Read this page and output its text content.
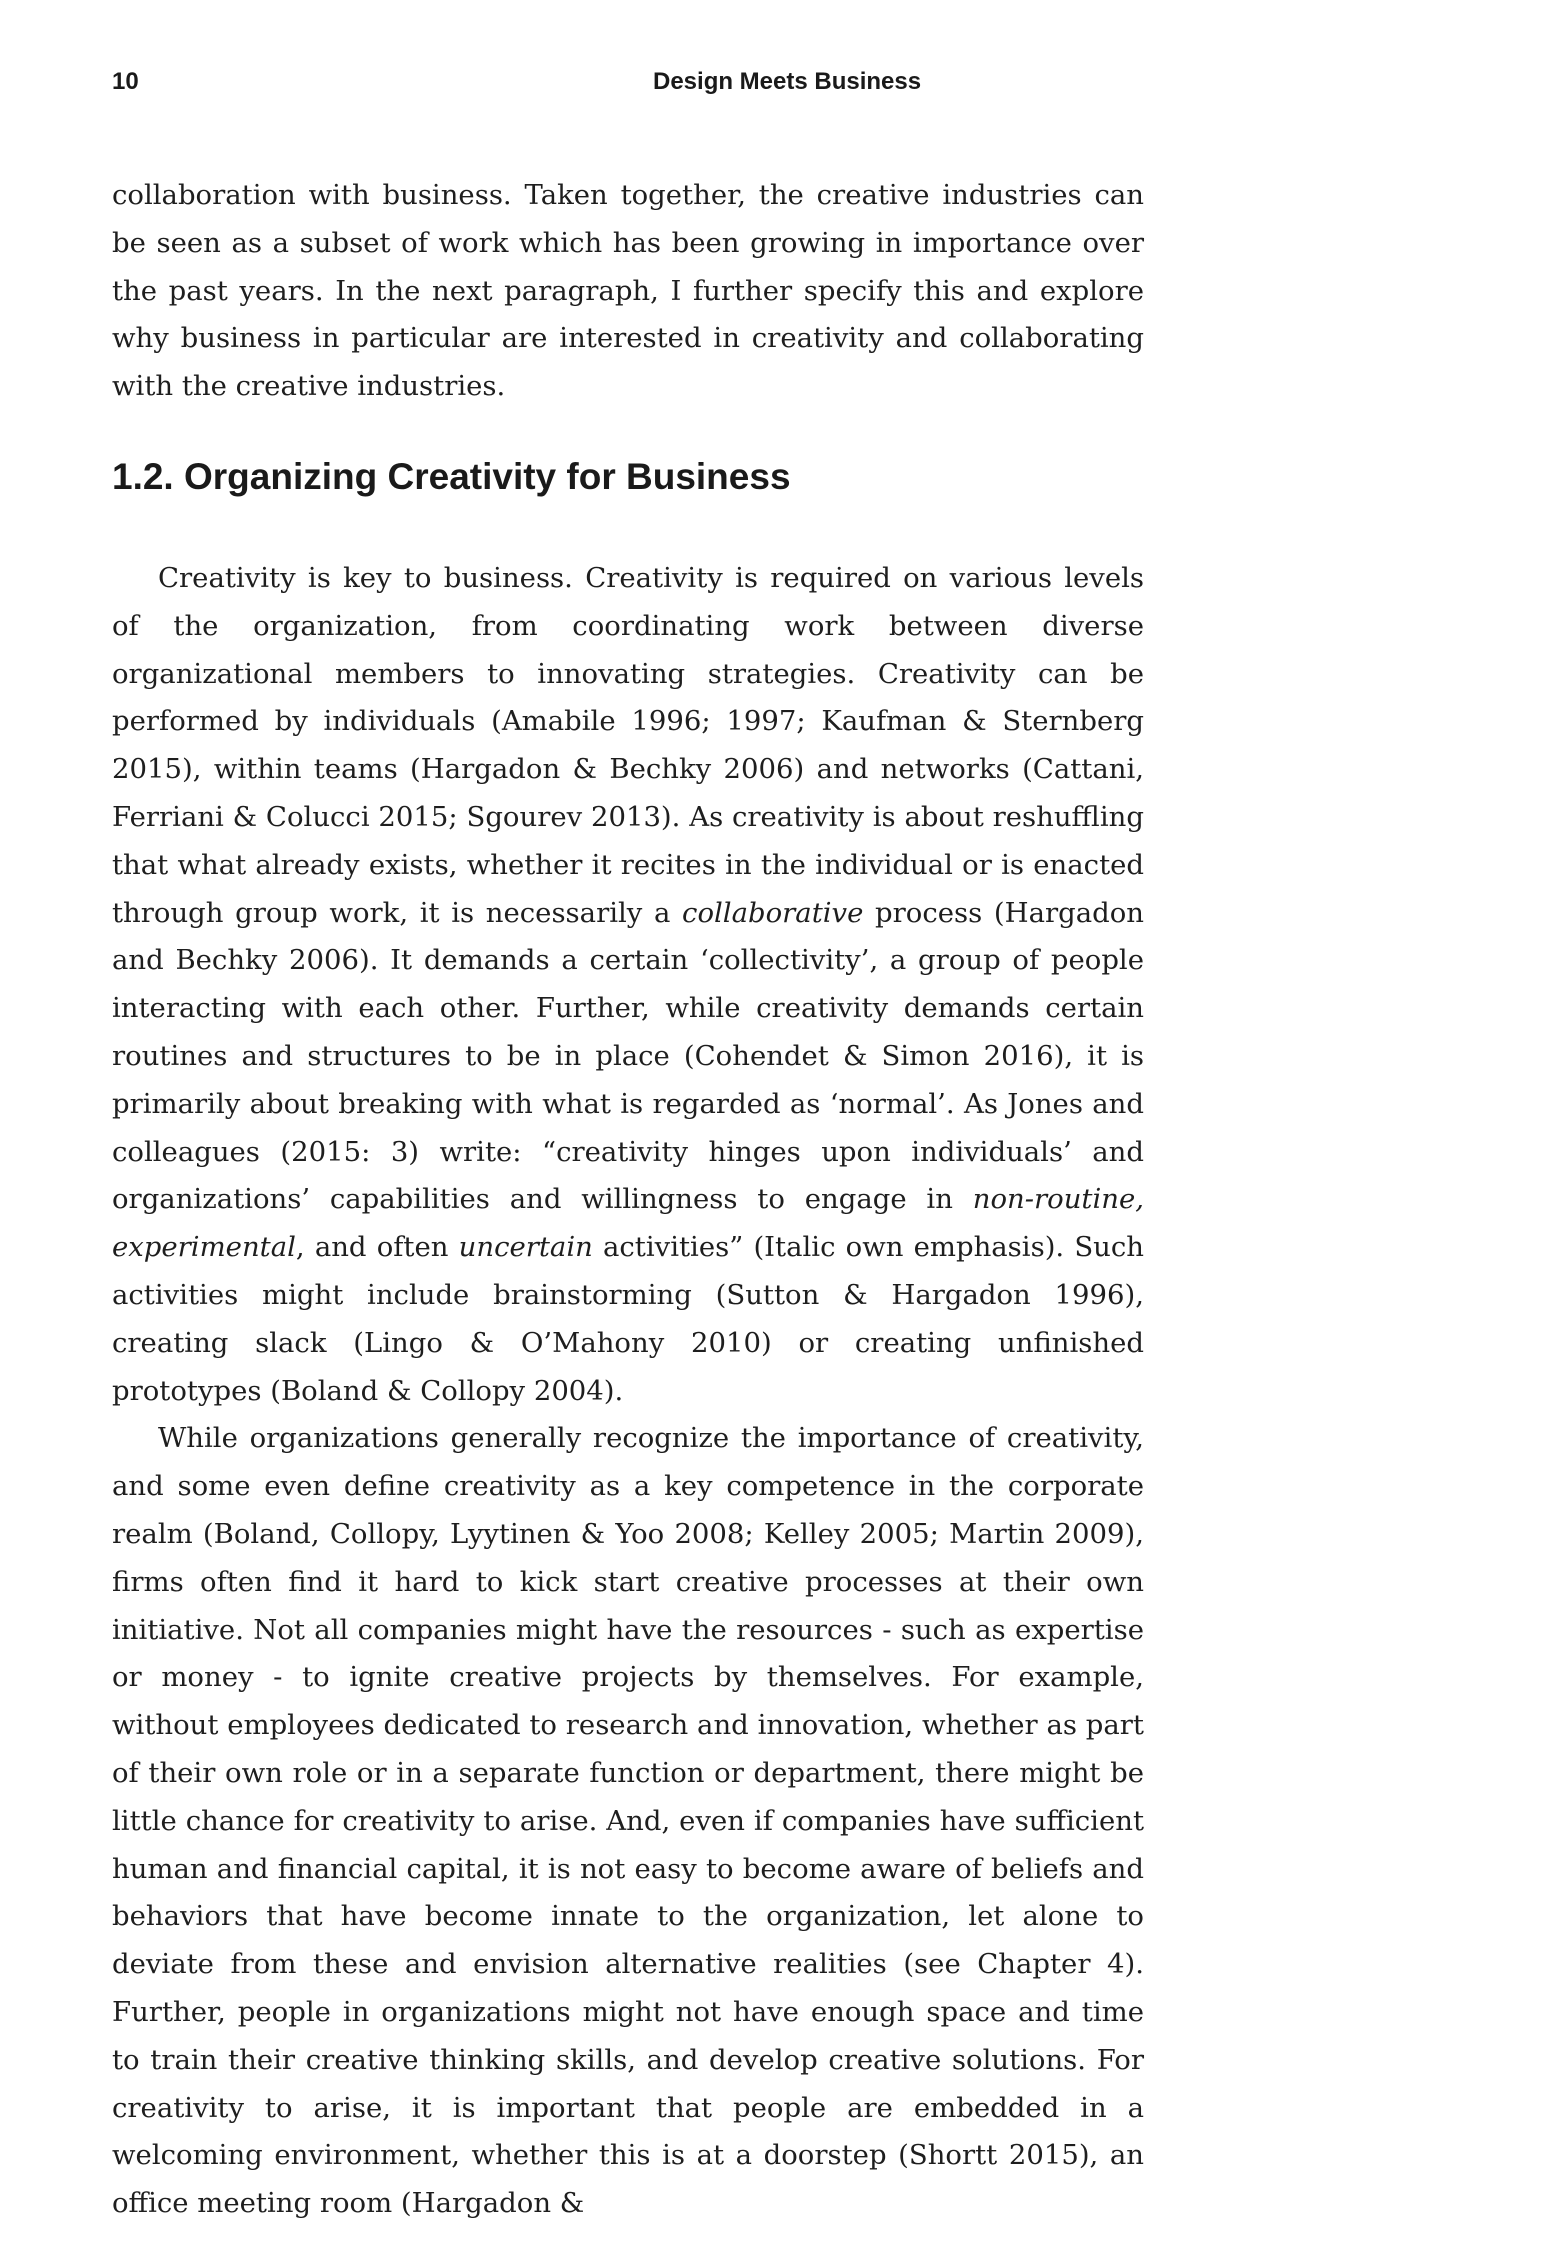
10	Design Meets Business

collaboration with business. Taken together, the creative industries can be seen as a subset of work which has been growing in importance over the past years. In the next paragraph, I further specify this and explore why business in particular are interested in creativity and collaborating with the creative industries.

1.2. Organizing Creativity for Business

Creativity is key to business. Creativity is required on various levels of the organization, from coordinating work between diverse organizational members to innovating strategies. Creativity can be performed by individuals (Amabile 1996; 1997; Kaufman & Sternberg 2015), within teams (Hargadon & Bechky 2006) and networks (Cattani, Ferriani & Colucci 2015; Sgourev 2013). As creativity is about reshuffling that what already exists, whether it recites in the individual or is enacted through group work, it is necessarily a collaborative process (Hargadon and Bechky 2006). It demands a certain ‘collectivity’, a group of people interacting with each other. Further, while creativity demands certain routines and structures to be in place (Cohendet & Simon 2016), it is primarily about breaking with what is regarded as ‘normal’. As Jones and colleagues (2015: 3) write: “creativity hinges upon individuals’ and organizations’ capabilities and willingness to engage in non-routine, experimental, and often uncertain activities” (Italic own emphasis). Such activities might include brainstorming (Sutton & Hargadon 1996), creating slack (Lingo & O’Mahony 2010) or creating unfinished prototypes (Boland & Collopy 2004).

While organizations generally recognize the importance of creativity, and some even define creativity as a key competence in the corporate realm (Boland, Collopy, Lyytinen & Yoo 2008; Kelley 2005; Martin 2009), firms often find it hard to kick start creative processes at their own initiative. Not all companies might have the resources - such as expertise or money - to ignite creative projects by themselves. For example, without employees dedicated to research and innovation, whether as part of their own role or in a separate function or department, there might be little chance for creativity to arise. And, even if companies have sufficient human and financial capital, it is not easy to become aware of beliefs and behaviors that have become innate to the organization, let alone to deviate from these and envision alternative realities (see Chapter 4). Further, people in organizations might not have enough space and time to train their creative thinking skills, and develop creative solutions. For creativity to arise, it is important that people are embedded in a welcoming environment, whether this is at a doorstep (Shortt 2015), an office meeting room (Hargadon &
